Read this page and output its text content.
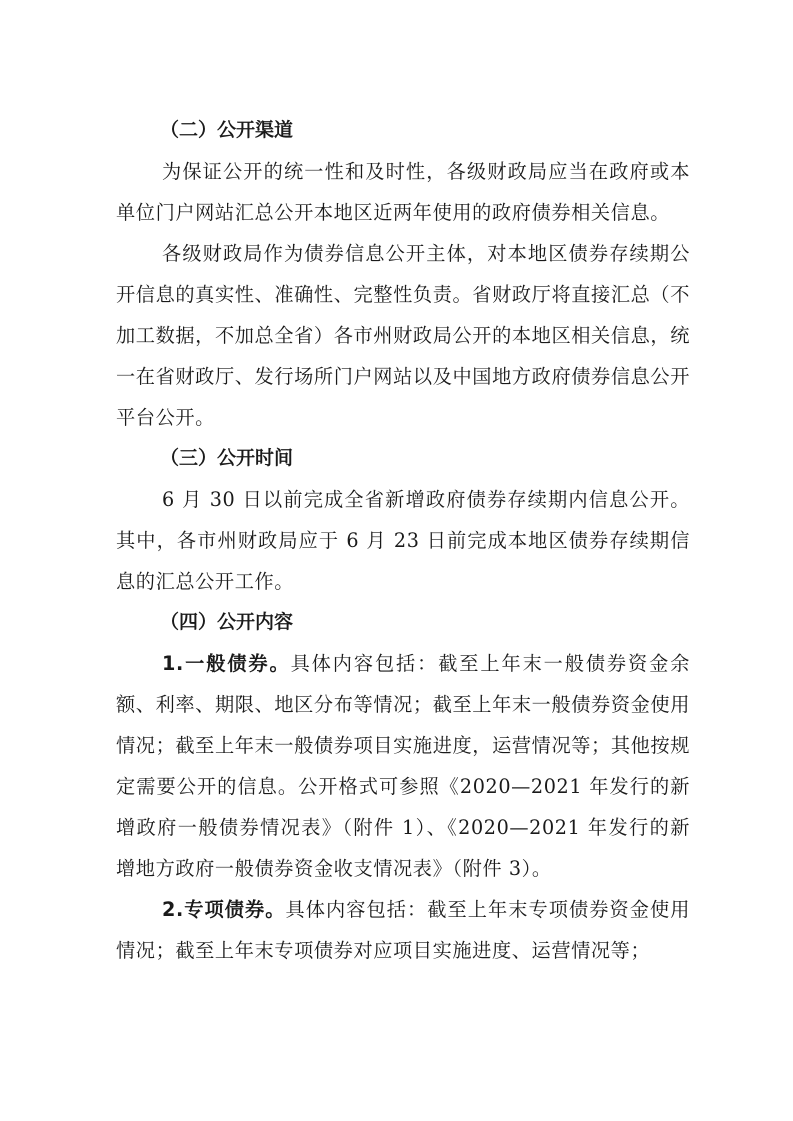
（二）公开渠道

为保证公开的统一性和及时性，各级财政局应当在政府或本单位门户网站汇总公开本地区近两年使用的政府债券相关信息。

各级财政局作为债券信息公开主体，对本地区债券存续期公开信息的真实性、准确性、完整性负责。省财政厅将直接汇总（不加工数据，不加总全省）各市州财政局公开的本地区相关信息，统一在省财政厅、发行场所门户网站以及中国地方政府债券信息公开平台公开。

（三）公开时间

6 月 30 日以前完成全省新增政府债券存续期内信息公开。其中，各市州财政局应于 6 月 23 日前完成本地区债券存续期信息的汇总公开工作。

（四）公开内容

1.一般债券。具体内容包括：截至上年末一般债券资金余额、利率、期限、地区分布等情况；截至上年末一般债券资金使用情况；截至上年末一般债券项目实施进度，运营情况等；其他按规定需要公开的信息。公开格式可参照《2020—2021 年发行的新增政府一般债券情况表》（附件 1）、《2020—2021 年发行的新增地方政府一般债券资金收支情况表》（附件 3）。

2.专项债券。具体内容包括：截至上年末专项债券资金使用情况；截至上年末专项债券对应项目实施进度、运营情况等；
